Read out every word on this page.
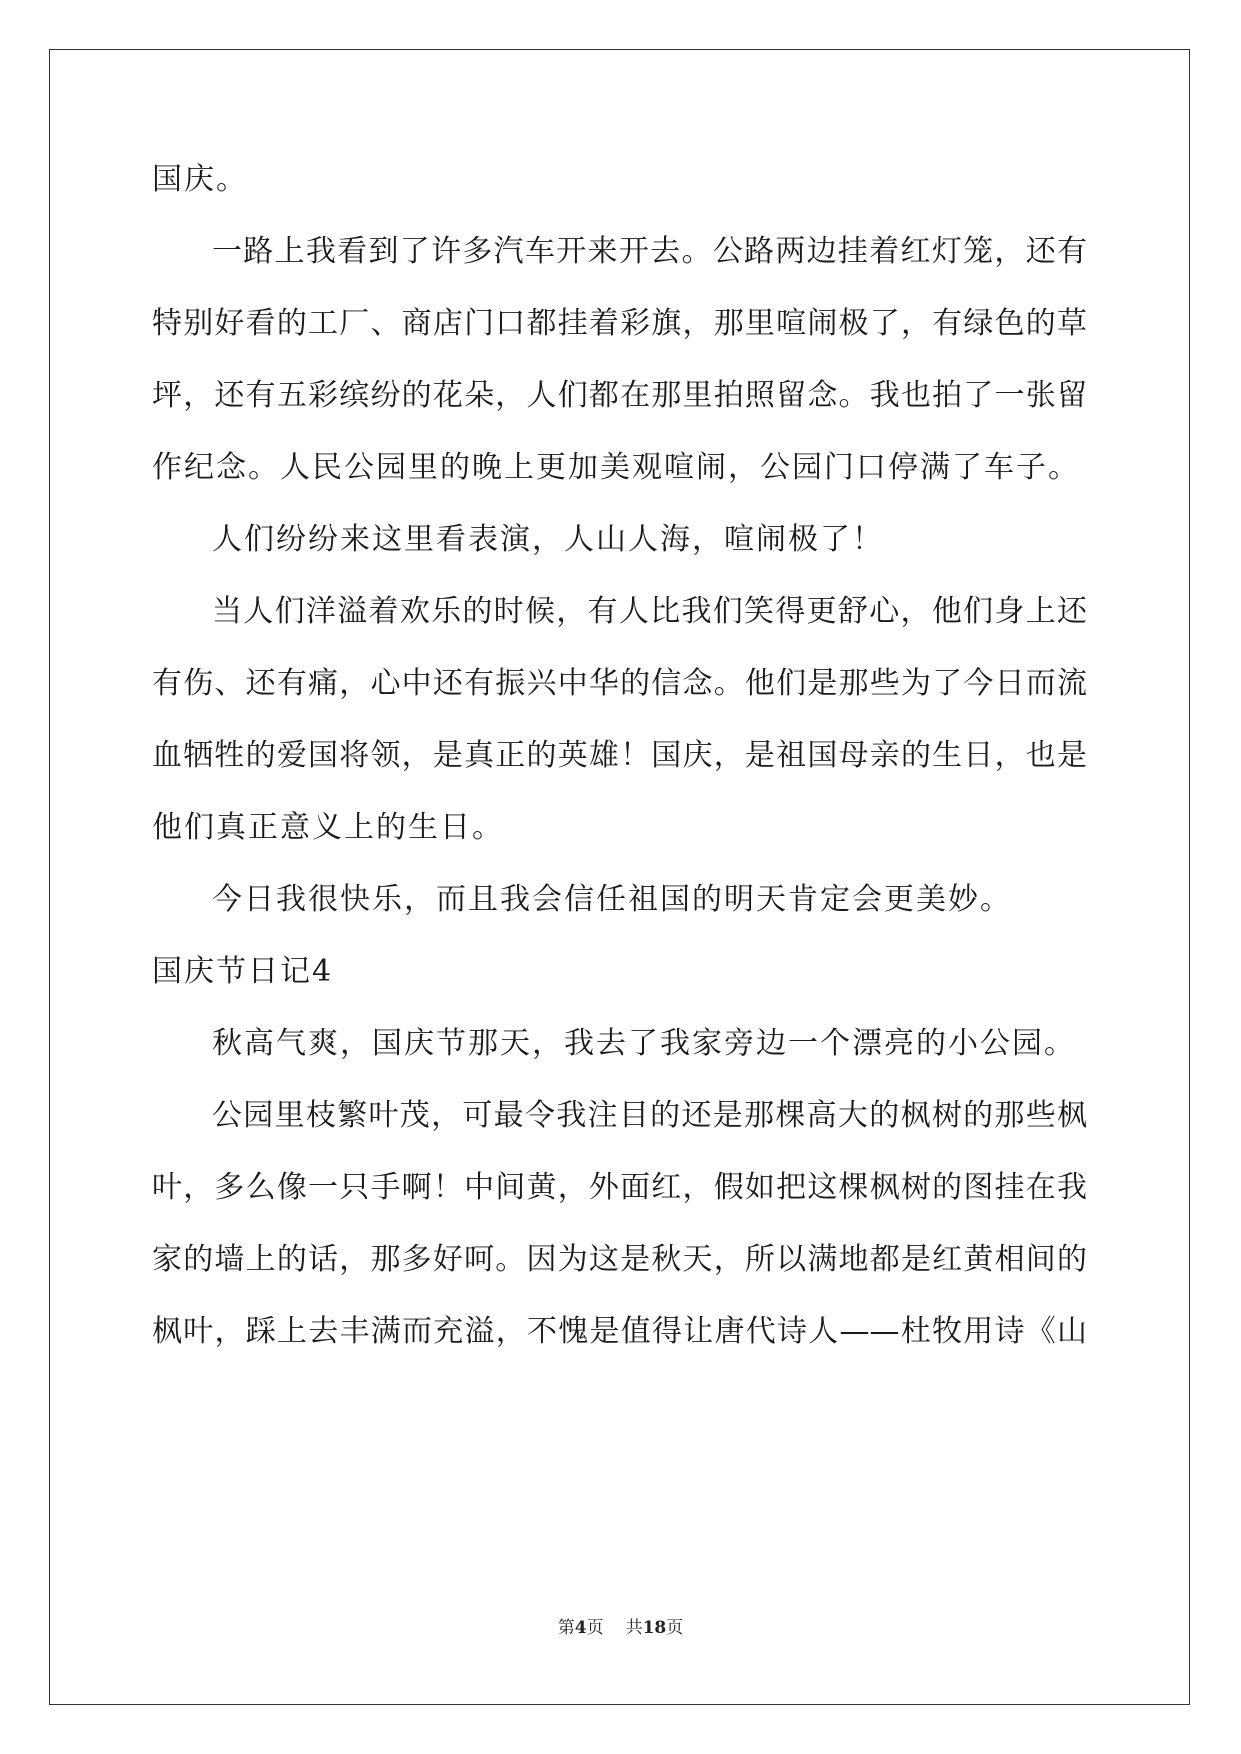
国庆。
一路上我看到了许多汽车开来开去。公路两边挂着红灯笼，还有
特别好看的工厂、商店门口都挂着彩旗，那里喧闹极了，有绿色的草
坪，还有五彩缤纷的花朵，人们都在那里拍照留念。我也拍了一张留
作纪念。人民公园里的晚上更加美观喧闹，公园门口停满了车子。
人们纷纷来这里看表演，人山人海，喧闹极了！
当人们洋溢着欢乐的时候，有人比我们笑得更舒心，他们身上还
有伤、还有痛，心中还有振兴中华的信念。他们是那些为了今日而流
血牺牲的爱国将领，是真正的英雄！国庆，是祖国母亲的生日，也是
他们真正意义上的生日。
今日我很快乐，而且我会信任祖国的明天肯定会更美妙。
国庆节日记4
秋高气爽，国庆节那天，我去了我家旁边一个漂亮的小公园。
公园里枝繁叶茂，可最令我注目的还是那棵高大的枫树的那些枫
叶，多么像一只手啊！中间黄，外面红，假如把这棵枫树的图挂在我
家的墙上的话，那多好呵。因为这是秋天，所以满地都是红黄相间的
枫叶，踩上去丰满而充溢，不愧是值得让唐代诗人——杜牧用诗《山
第4页 共18页
